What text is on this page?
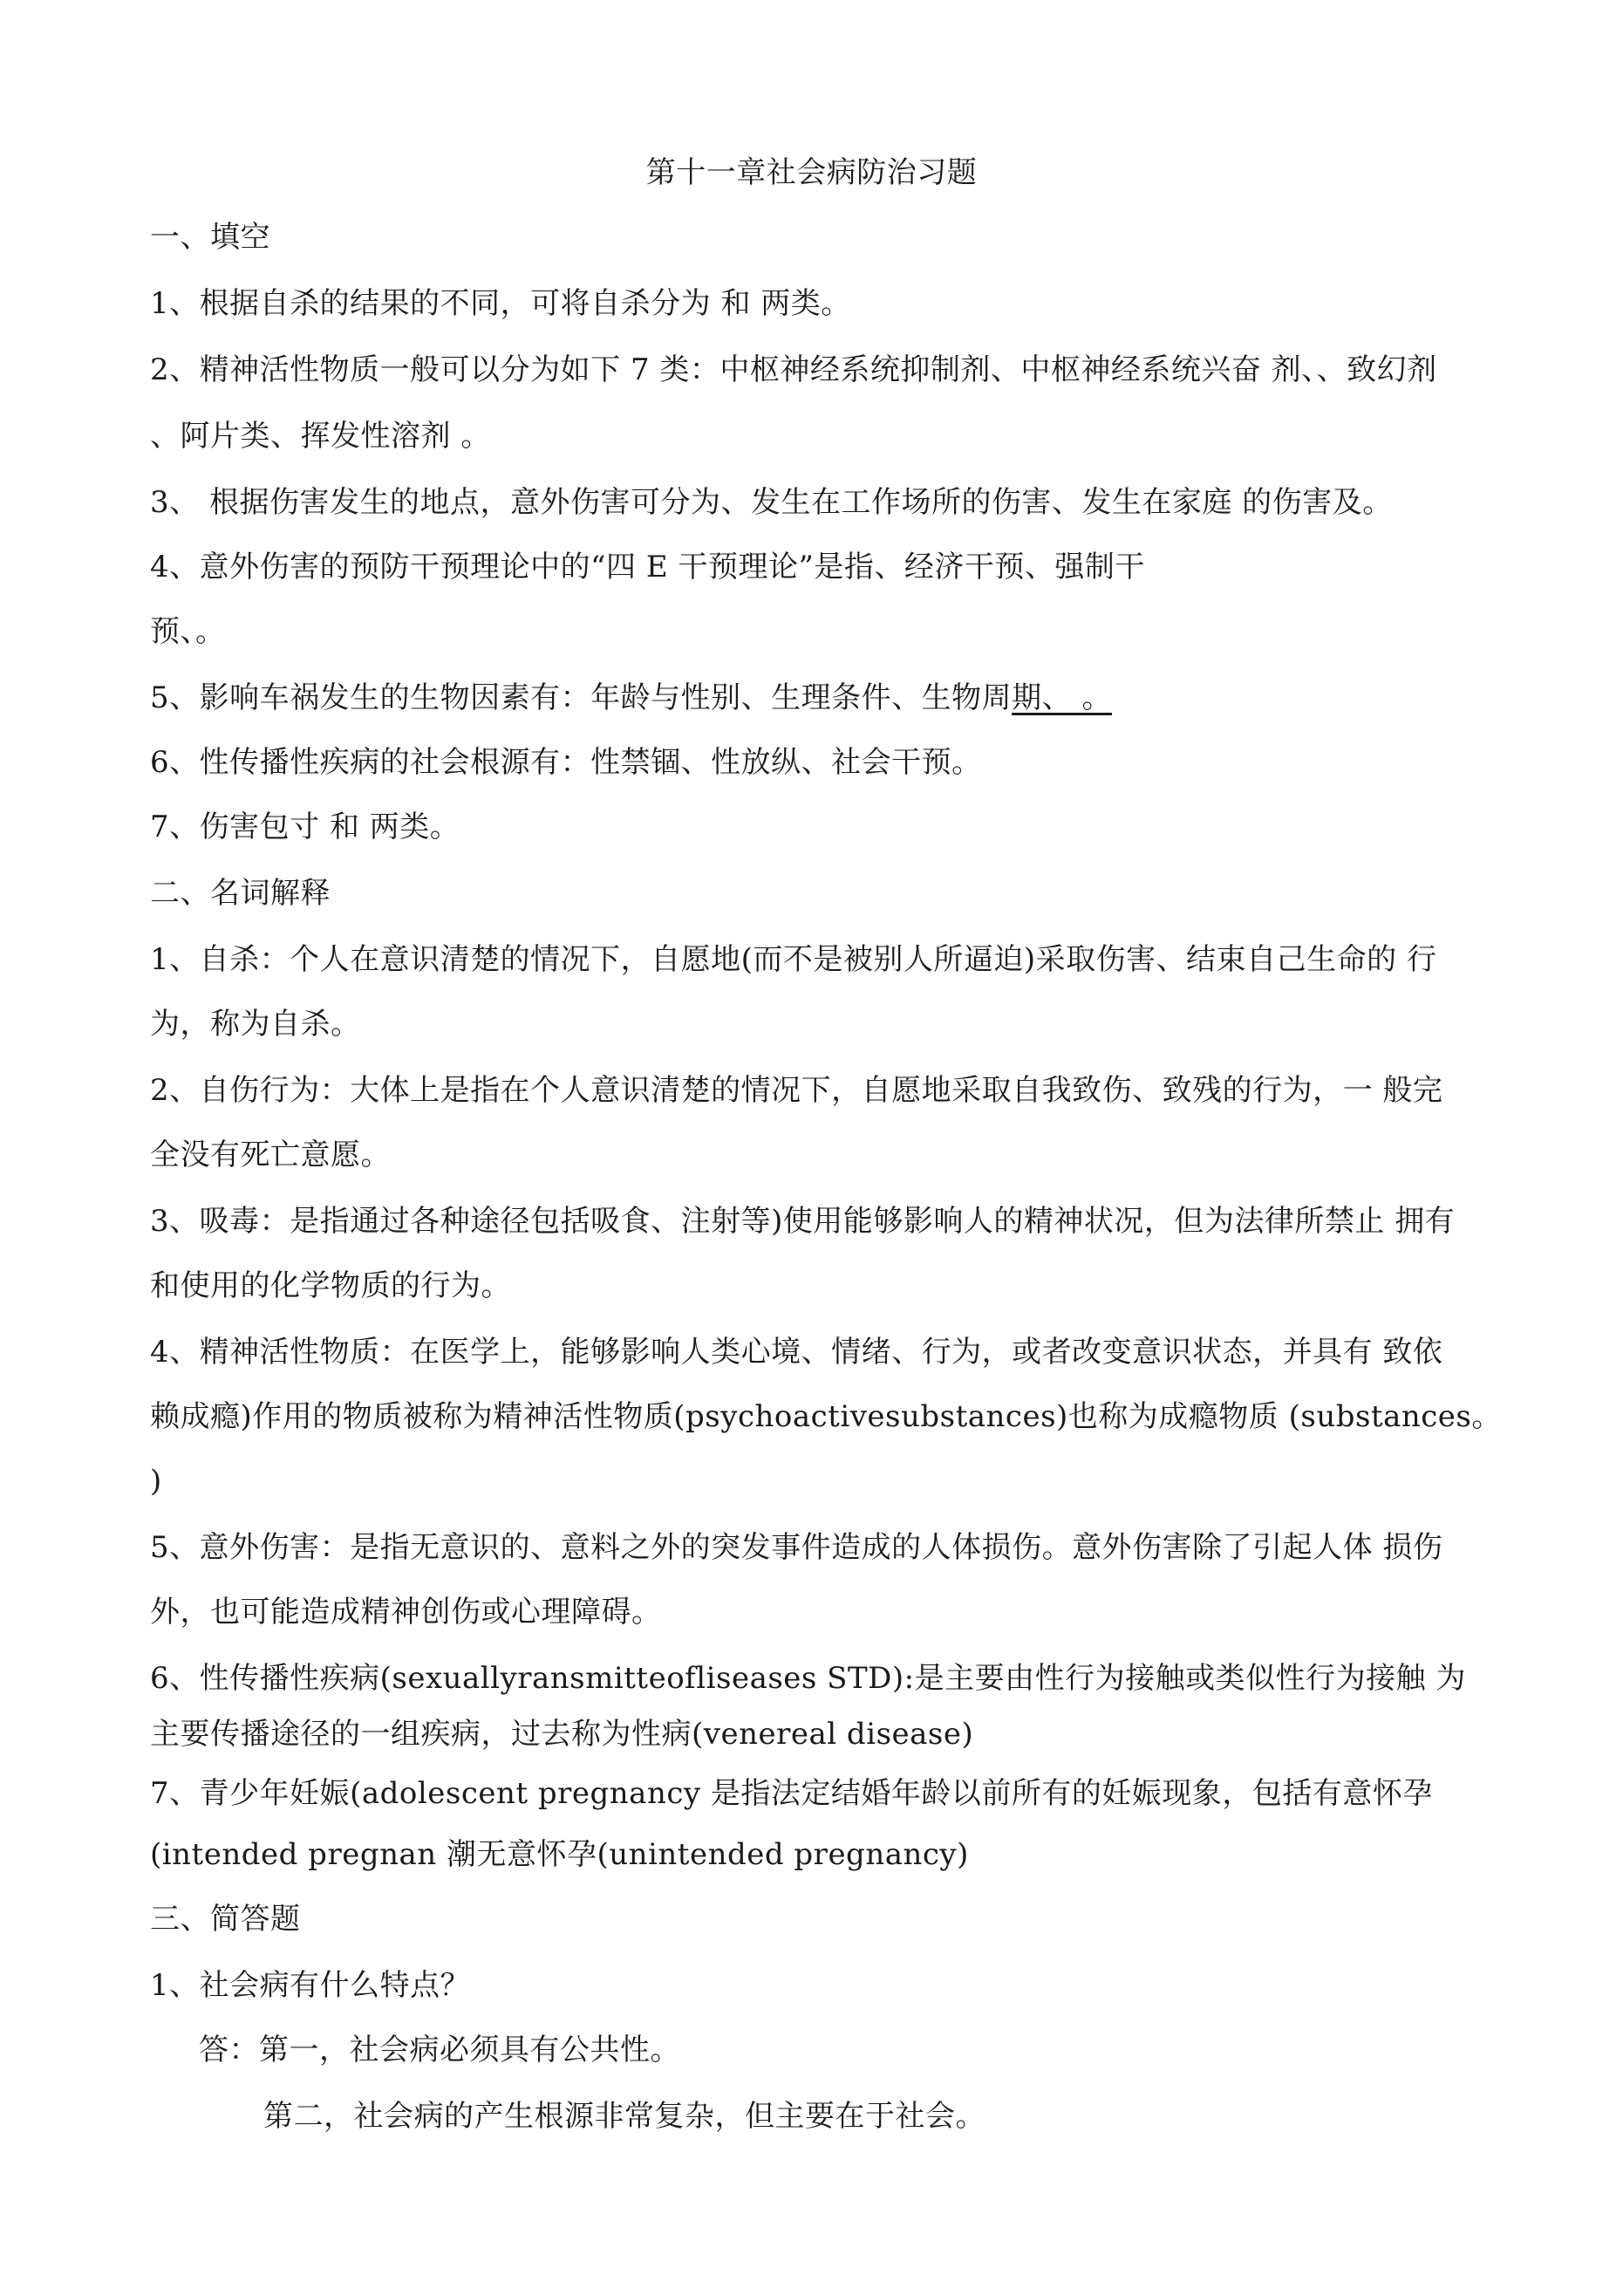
第十一章社会病防治习题
一、填空
1、根据自杀的结果的不同，可将自杀分为 和 两类。
2、精神活性物质一般可以分为如下 7 类：中枢神经系统抑制剂、中枢神经系统兴奋 剂、、致幻剂
、阿片类、挥发性溶剂 。
3、 根据伤害发生的地点，意外伤害可分为、发生在工作场所的伤害、发生在家庭 的伤害及。
4、意外伤害的预防干预理论中的“四 E 干预理论”是指、经济干预、强制干
预、。
5、影响车祸发生的生物因素有：年龄与性别、生理条件、生物周期、 。
6、性传播性疾病的社会根源有：性禁锢、性放纵、社会干预。
7、伤害包寸 和 两类。
二、名词解释
1、自杀：个人在意识清楚的情况下，自愿地(而不是被别人所逼迫)采取伤害、结束自己生命的 行
为，称为自杀。
2、自伤行为：大体上是指在个人意识清楚的情况下，自愿地采取自我致伤、致残的行为，一 般完
全没有死亡意愿。
3、吸毒：是指通过各种途径包括吸食、注射等)使用能够影响人的精神状况，但为法律所禁止 拥有
和使用的化学物质的行为。
4、精神活性物质：在医学上，能够影响人类心境、情绪、行为，或者改变意识状态，并具有 致依
赖成瘾)作用的物质被称为精神活性物质(psychoactivesubstances)也称为成瘾物质 (substances。
)
5、意外伤害：是指无意识的、意料之外的突发事件造成的人体损伤。意外伤害除了引起人体 损伤
外，也可能造成精神创伤或心理障碍。
6、性传播性疾病(sexuallyransmitteofliseases STD):是主要由性行为接触或类似性行为接触 为
主要传播途径的一组疾病，过去称为性病(venereal disease)
7、青少年妊娠(adolescent pregnancy 是指法定结婚年龄以前所有的妊娠现象，包括有意怀孕
(intended pregnan 潮无意怀孕(unintended pregnancy)
三、简答题
1、社会病有什么特点？
答：第一，社会病必须具有公共性。
第二，社会病的产生根源非常复杂，但主要在于社会。
